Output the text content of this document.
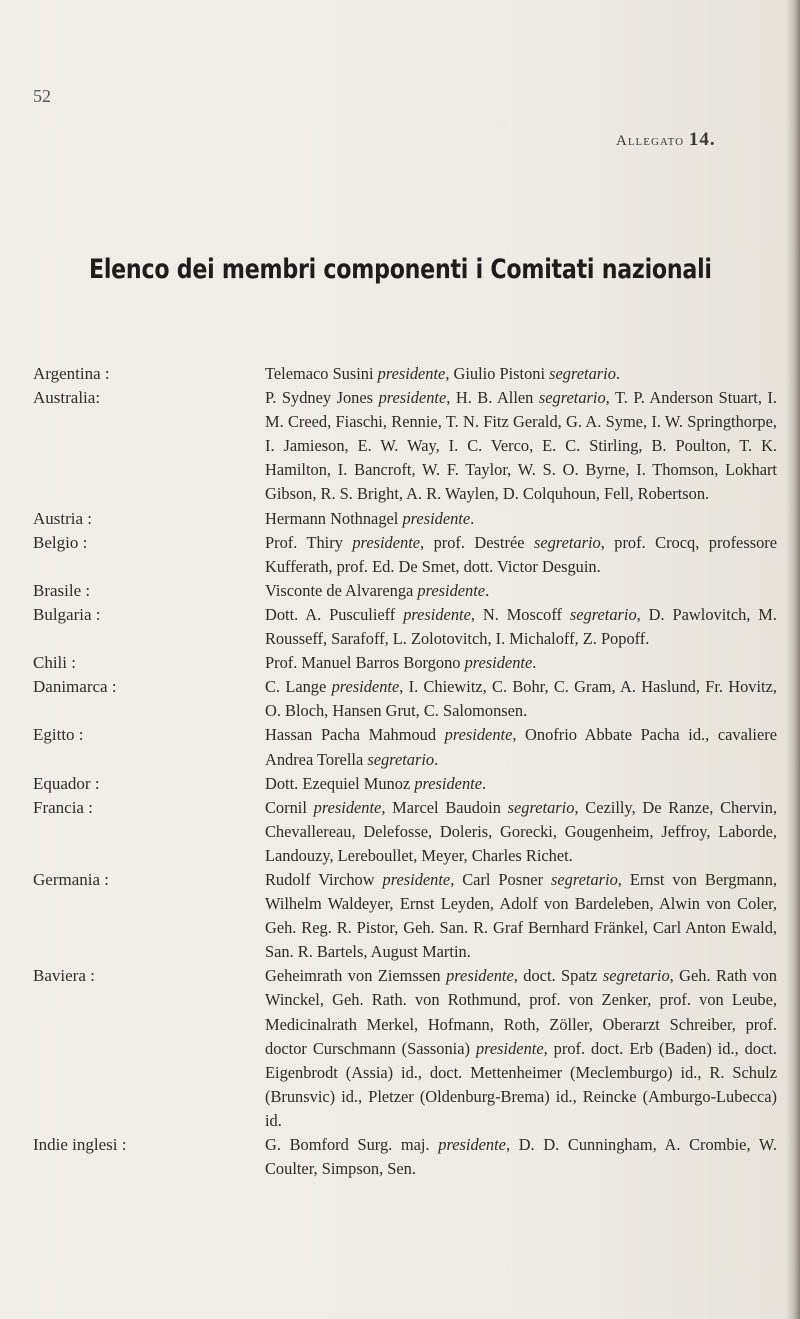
52
Allegato 14.
Elenco dei membri componenti i Comitati nazionali
Argentina :	Telemaco Susini presidente, Giulio Pistoni segretario.
Australia:	P. Sydney Jones presidente, H. B. Allen segretario, T. P. Anderson Stuart, I. M. Creed, Fiaschi, Rennie, T. N. Fitz Gerald, G. A. Syme, I. W. Springthorpe, I. Jamieson, E. W. Way, I. C. Verco, E. C. Stirling, B. Poulton, T. K. Hamilton, I. Bancroft, W. F. Taylor, W. S. O. Byrne, I. Thomson, Lokhart Gibson, R. S. Bright, A. R. Waylen, D. Colquhoun, Fell, Robertson.
Austria :	Hermann Nothnagel presidente.
Belgio :	Prof. Thiry presidente, prof. Destrée segretario, prof. Crocq, professore Kufferath, prof. Ed. De Smet, dott. Victor Desguin.
Brasile :	Visconte de Alvarenga presidente.
Bulgaria :	Dott. A. Pusculieff presidente, N. Moscoff segretario, D. Pawlovitch, M. Rousseff, Sarafoff, L. Zolotovitch, I. Michaloff, Z. Popoff.
Chili :	Prof. Manuel Barros Borgono presidente.
Danimarca :	C. Lange presidente, I. Chiewitz, C. Bohr, C. Gram, A. Haslund, Fr. Hovitz, O. Bloch, Hansen Grut, C. Salomonsen.
Egitto :	Hassan Pacha Mahmoud presidente, Onofrio Abbate Pacha id., cavaliere Andrea Torella segretario.
Equador :	Dott. Ezequiel Munoz presidente.
Francia :	Cornil presidente, Marcel Baudoin segretario, Cezilly, De Ranze, Chervin, Chevallereau, Delefosse, Doleris, Gorecki, Gougenheim, Jeffroy, Laborde, Landouzy, Lereboullet, Meyer, Charles Richet.
Germania :	Rudolf Virchow presidente, Carl Posner segretario, Ernst von Bergmann, Wilhelm Waldeyer, Ernst Leyden, Adolf von Bardeleben, Alwin von Coler, Geh. Reg. R. Pistor, Geh. San. R. Graf Bernhard Fränkel, Carl Anton Ewald, San. R. Bartels, August Martin.
Baviera :	Geheimrath von Ziemssen presidente, doct. Spatz segretario, Geh. Rath von Winckel, Geh. Rath. von Rothmund, prof. von Zenker, prof. von Leube, Medicinalrath Merkel, Hofmann, Roth, Zöller, Oberarzt Schreiber, prof. doctor Curschmann (Sassonia) presidente, prof. doct. Erb (Baden) id., doct. Eigenbrodt (Assia) id., doct. Mettenheimer (Meclemburgo) id., R. Schulz (Brunsvic) id., Pletzer (Oldenburg-Brema) id., Reincke (Amburgo-Lubecca) id.
Indie inglesi :	G. Bomford Surg. maj. presidente, D. D. Cunningham, A. Crombie, W. Coulter, Simpson, Sen.
